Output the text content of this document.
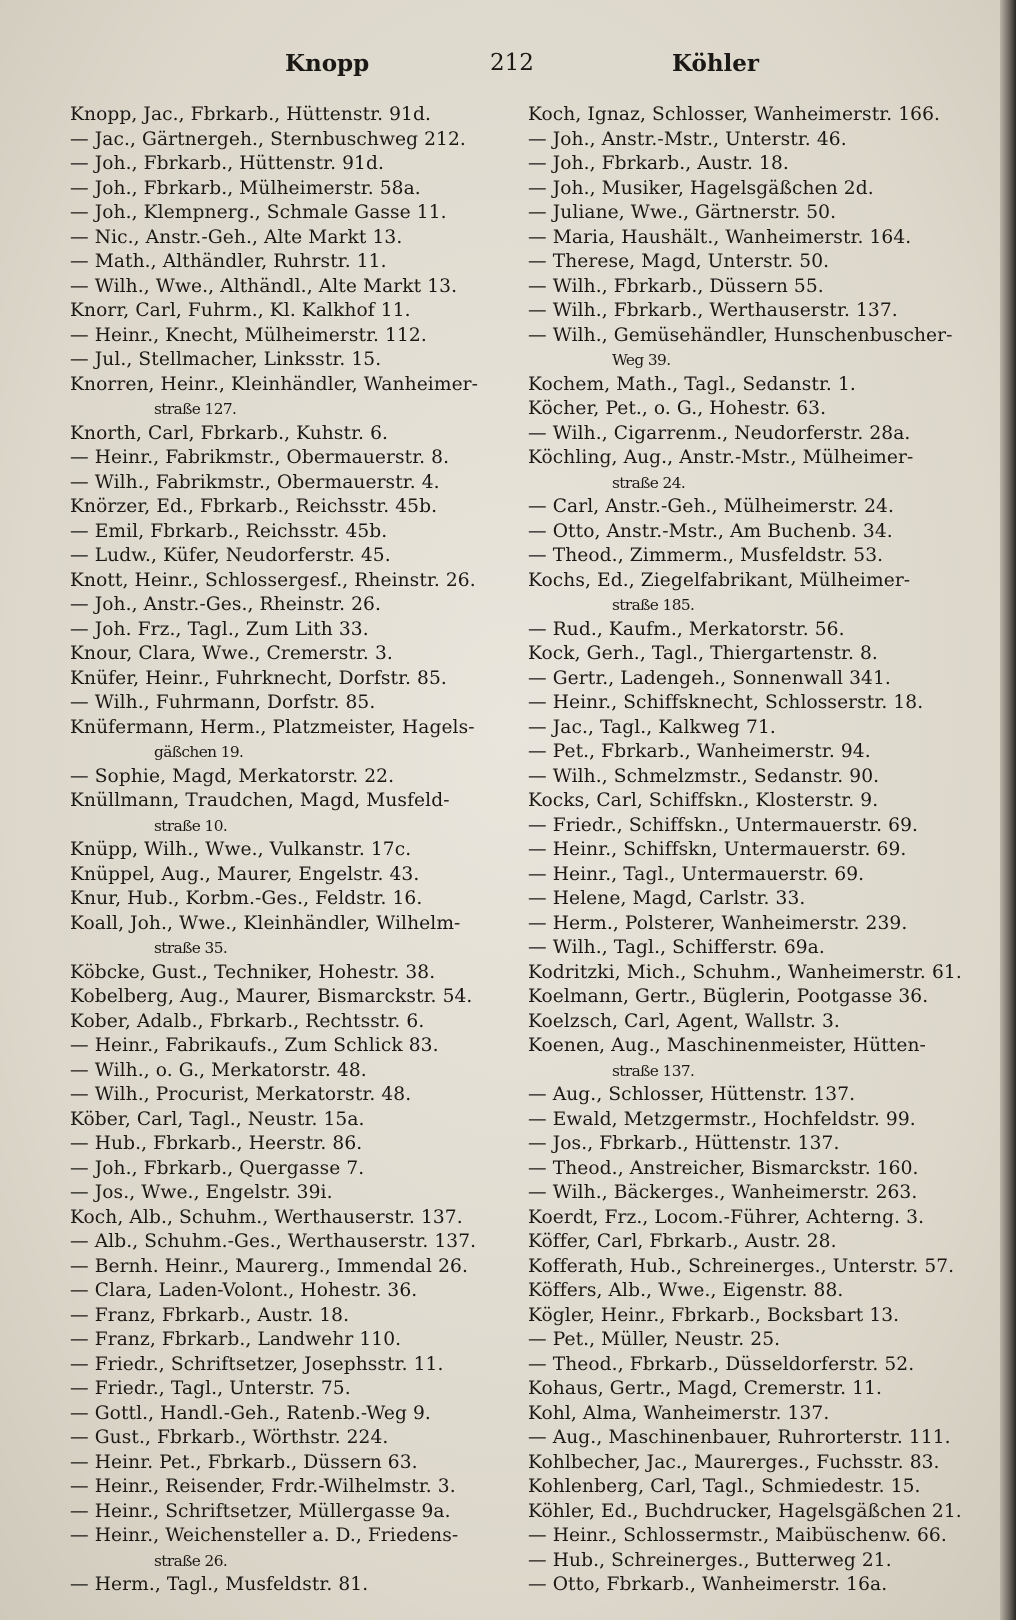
Knopp	212	Köhler
Knopp, Jac., Fbrkarb., Hüttenstr. 91d.
— Jac., Gärtnergeh., Sternbuschweg 212.
— Joh., Fbrkarb., Hüttenstr. 91d.
— Joh., Fbrkarb., Mülheimerstr. 58a.
— Joh., Klempnerg., Schmale Gasse 11.
— Nic., Anstr.-Geh., Alte Markt 13.
— Math., Althändler, Ruhrstr. 11.
— Wilh., Wwe., Althändl., Alte Markt 13.
Knorr, Carl, Fuhrm., Kl. Kalkhof 11.
— Heinr., Knecht, Mülheimerstr. 112.
— Jul., Stellmacher, Linksstr. 15.
Knorren, Heinr., Kleinhändler, Wanheimer-
straße 127.
Knorth, Carl, Fbrkarb., Kuhstr. 6.
— Heinr., Fabrikmstr., Obermauerstr. 8.
— Wilh., Fabrikmstr., Obermauerstr. 4.
Knörzer, Ed., Fbrkarb., Reichsstr. 45b.
— Emil, Fbrkarb., Reichsstr. 45b.
— Ludw., Küfer, Neudorferstr. 45.
Knott, Heinr., Schlossergesf., Rheinstr. 26.
— Joh., Anstr.-Ges., Rheinstr. 26.
— Joh. Frz., Tagl., Zum Lith 33.
Knour, Clara, Wwe., Cremerstr. 3.
Knüfer, Heinr., Fuhrknecht, Dorfstr. 85.
— Wilh., Fuhrmann, Dorfstr. 85.
Knüfermann, Herm., Platzmeister, Hagels-
gäßchen 19.
— Sophie, Magd, Merkatorstr. 22.
Knüllmann, Traudchen, Magd, Musfeld-
straße 10.
Knüpp, Wilh., Wwe., Vulkanstr. 17c.
Knüppel, Aug., Maurer, Engelstr. 43.
Knur, Hub., Korbm.-Ges., Feldstr. 16.
Koall, Joh., Wwe., Kleinhändler, Wilhelm-
straße 35.
Köbcke, Gust., Techniker, Hohestr. 38.
Kobelberg, Aug., Maurer, Bismarckstr. 54.
Kober, Adalb., Fbrkarb., Rechtsstr. 6.
— Heinr., Fabrikaufs., Zum Schlick 83.
— Wilh., o. G., Merkatorstr. 48.
— Wilh., Procurist, Merkatorstr. 48.
Köber, Carl, Tagl., Neustr. 15a.
— Hub., Fbrkarb., Heerstr. 86.
— Joh., Fbrkarb., Quergasse 7.
— Jos., Wwe., Engelstr. 39i.
Koch, Alb., Schuhm., Werthauserstr. 137.
— Alb., Schuhm.-Ges., Werthauserstr. 137.
— Bernh. Heinr., Maurerg., Immendal 26.
— Clara, Laden-Volont., Hohestr. 36.
— Franz, Fbrkarb., Austr. 18.
— Franz, Fbrkarb., Landwehr 110.
— Friedr., Schriftsetzer, Josephsstr. 11.
— Friedr., Tagl., Unterstr. 75.
— Gottl., Handl.-Geh., Ratenb.-Weg 9.
— Gust., Fbrkarb., Wörthstr. 224.
— Heinr. Pet., Fbrkarb., Düssern 63.
— Heinr., Reisender, Frdr.-Wilhelmstr. 3.
— Heinr., Schriftsetzer, Müllergasse 9a.
— Heinr., Weichensteller a. D., Friedens-
straße 26.
— Herm., Tagl., Musfeldstr. 81.
Koch, Ignaz, Schlosser, Wanheimerstr. 166.
— Joh., Anstr.-Mstr., Unterstr. 46.
— Joh., Fbrkarb., Austr. 18.
— Joh., Musiker, Hagelsgäßchen 2d.
— Juliane, Wwe., Gärtnerstr. 50.
— Maria, Haushält., Wanheimerstr. 164.
— Therese, Magd, Unterstr. 50.
— Wilh., Fbrkarb., Düssern 55.
— Wilh., Fbrkarb., Werthauserstr. 137.
— Wilh., Gemüsehändler, Hunschenbuscher-
Weg 39.
Kochem, Math., Tagl., Sedanstr. 1.
Köcher, Pet., o. G., Hohestr. 63.
— Wilh., Cigarrenm., Neudorferstr. 28a.
Köchling, Aug., Anstr.-Mstr., Mülheimer-
straße 24.
— Carl, Anstr.-Geh., Mülheimerstr. 24.
— Otto, Anstr.-Mstr., Am Buchenb. 34.
— Theod., Zimmerm., Musfeldstr. 53.
Kochs, Ed., Ziegelfabrikant, Mülheimer-
straße 185.
— Rud., Kaufm., Merkatorstr. 56.
Kock, Gerh., Tagl., Thiergartenstr. 8.
— Gertr., Ladengeh., Sonnenwall 341.
— Heinr., Schiffsknecht, Schlosserstr. 18.
— Jac., Tagl., Kalkweg 71.
— Pet., Fbrkarb., Wanheimerstr. 94.
— Wilh., Schmelzmstr., Sedanstr. 90.
Kocks, Carl, Schiffskn., Klosterstr. 9.
— Friedr., Schiffskn., Untermauerstr. 69.
— Heinr., Schiffskn, Untermauerstr. 69.
— Heinr., Tagl., Untermauerstr. 69.
— Helene, Magd, Carlstr. 33.
— Herm., Polsterer, Wanheimerstr. 239.
— Wilh., Tagl., Schifferstr. 69a.
Kodritzki, Mich., Schuhm., Wanheimerstr. 61.
Koelmann, Gertr., Büglerin, Pootgasse 36.
Koelzsch, Carl, Agent, Wallstr. 3.
Koenen, Aug., Maschinenmeister, Hütten-
straße 137.
— Aug., Schlosser, Hüttenstr. 137.
— Ewald, Metzgermstr., Hochfeldstr. 99.
— Jos., Fbrkarb., Hüttenstr. 137.
— Theod., Anstreicher, Bismarckstr. 160.
— Wilh., Bäckerges., Wanheimerstr. 263.
Koerdt, Frz., Locom.-Führer, Achterng. 3.
Köffer, Carl, Fbrkarb., Austr. 28.
Kofferath, Hub., Schreinerges., Unterstr. 57.
Köffers, Alb., Wwe., Eigenstr. 88.
Kögler, Heinr., Fbrkarb., Bocksbart 13.
— Pet., Müller, Neustr. 25.
— Theod., Fbrkarb., Düsseldorferstr. 52.
Kohaus, Gertr., Magd, Cremerstr. 11.
Kohl, Alma, Wanheimerstr. 137.
— Aug., Maschinenbauer, Ruhrorterstr. 111.
Kohlbecher, Jac., Maurerges., Fuchsstr. 83.
Kohlenberg, Carl, Tagl., Schmiedestr. 15.
Köhler, Ed., Buchdrucker, Hagelsgäßchen 21.
— Heinr., Schlossermstr., Maibüschenw. 66.
— Hub., Schreinerges., Butterweg 21.
— Otto, Fbrkarb., Wanheimerstr. 16a.
